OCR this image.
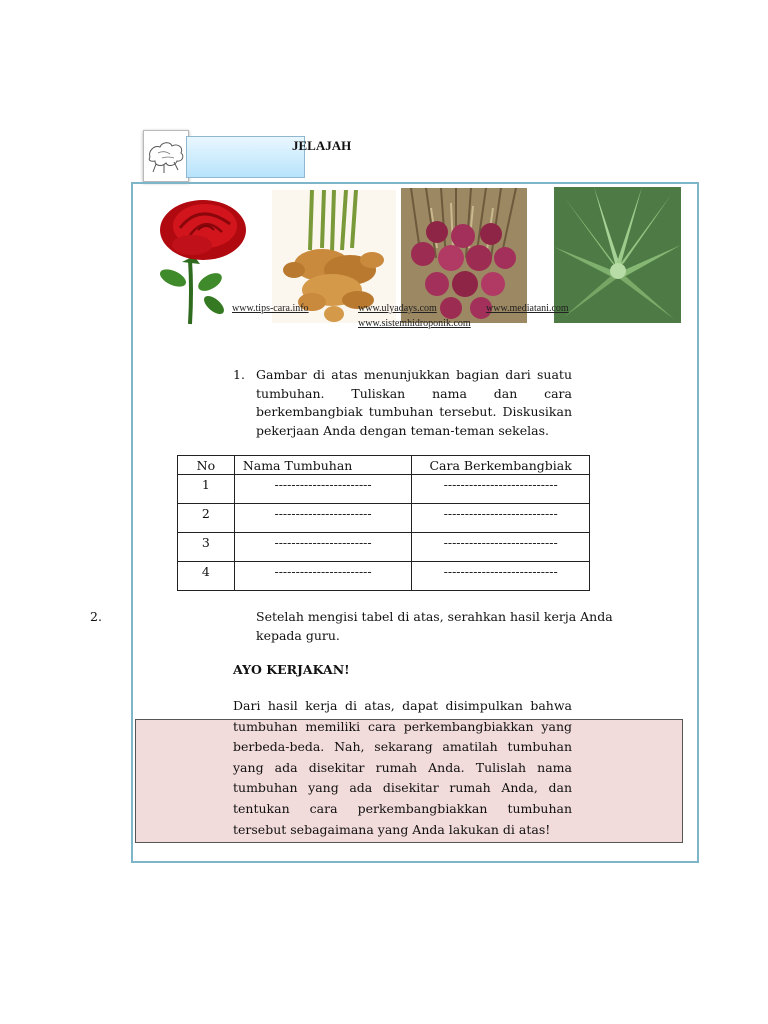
JELAJAH
www.tips-cara.info	www.ulyadays.com	www.mediatani.com
www.sistemhidroponik.com
1. Gambar di atas menunjukkan bagian dari suatu tumbuhan. Tuliskan nama dan cara berkembangbiak tumbuhan tersebut. Diskusikan pekerjaan Anda dengan teman-teman sekelas.
No	Nama Tumbuhan	Cara Berkembangbiak
1	-----------------------	---------------------------
2	-----------------------	---------------------------
3	-----------------------	---------------------------
4	-----------------------	---------------------------
2.	Setelah mengisi tabel di atas, serahkan hasil kerja Anda kepada guru.
AYO KERJAKAN!
Dari hasil kerja di atas, dapat disimpulkan bahwa tumbuhan memiliki cara perkembangbiakkan yang berbeda-beda. Nah, sekarang amatilah tumbuhan yang ada disekitar rumah Anda. Tulislah nama tumbuhan yang ada disekitar rumah Anda, dan tentukan cara perkembangbiakkan tumbuhan tersebut sebagaimana yang Anda lakukan di atas!
